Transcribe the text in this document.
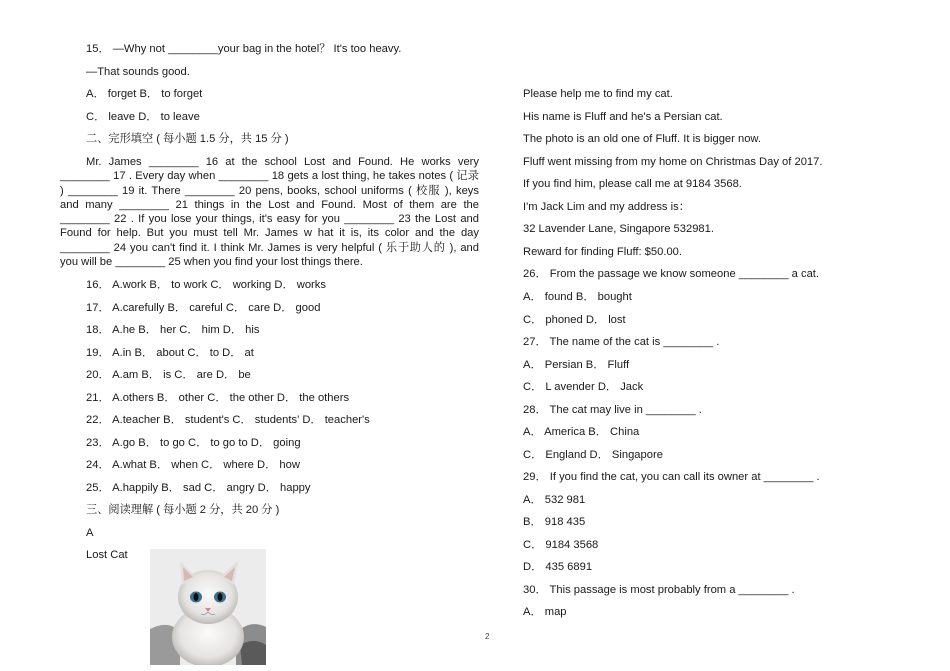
15． —Why not ________your bag in the hotel？ It's too heavy.
—That sounds good.
A． forget B． to forget
C． leave D． to leave
二、完形填空 ( 每小题 1.5 分，共 15 分 )
Mr. James ________ 16 at the school Lost and Found. He works very ________ 17 . Every day when ________ 18 gets a lost thing, he takes notes ( 记录 ) ________ 19 it. There ________ 20 pens, books, school uniforms ( 校服 ), keys and many ________ 21 things in the Lost and Found. Most of them are the ________ 22 . If you lose your things, it's easy for you ________ 23 the Lost and Found for help. But you must tell Mr. James w hat it is, its color and the day ________ 24 you can't find it. I think Mr. James is very helpful ( 乐于助人的 ), and you will be ________ 25 when you find your lost things there.
16． A.work B． to work C． working D． works
17． A.carefully B． careful C． care D． good
18． A.he B． her C． him D． his
19． A.in B． about C． to D． at
20． A.am B． is C． are D． be
21． A.others B． other C． the other D． the others
22． A.teacher B． student's C． students' D． teacher's
23． A.go B． to go C． to go to D． going
24． A.what B． when C． where D． how
25． A.happily B． sad C． angry D． happy
三、阅读理解 ( 每小题 2 分，共 20 分 )
A
Lost Cat
Please help me to find my cat.
His name is Fluff and he's a Persian cat.
The photo is an old one of Fluff. It is bigger now.
Fluff went missing from my home on Christmas Day of 2017.
If you find him, please call me at 9184 3568.
I'm Jack Lim and my address is：
32 Lavender Lane, Singapore 532981.
Reward for finding Fluff: $50.00.
26． From the passage we know someone ________ a cat.
A． found B． bought
C． phoned D． lost
27． The name of the cat is ________ .
A． Persian B． Fluff
C． L avender D． Jack
28． The cat may live in ________ .
A． America B． China
C． England D． Singapore
29． If you find the cat, you can call its owner at ________ .
A． 532 981
B． 918 435
C． 9184 3568
D． 435 6891
30． This passage is most probably from a ________ .
A． map
2
